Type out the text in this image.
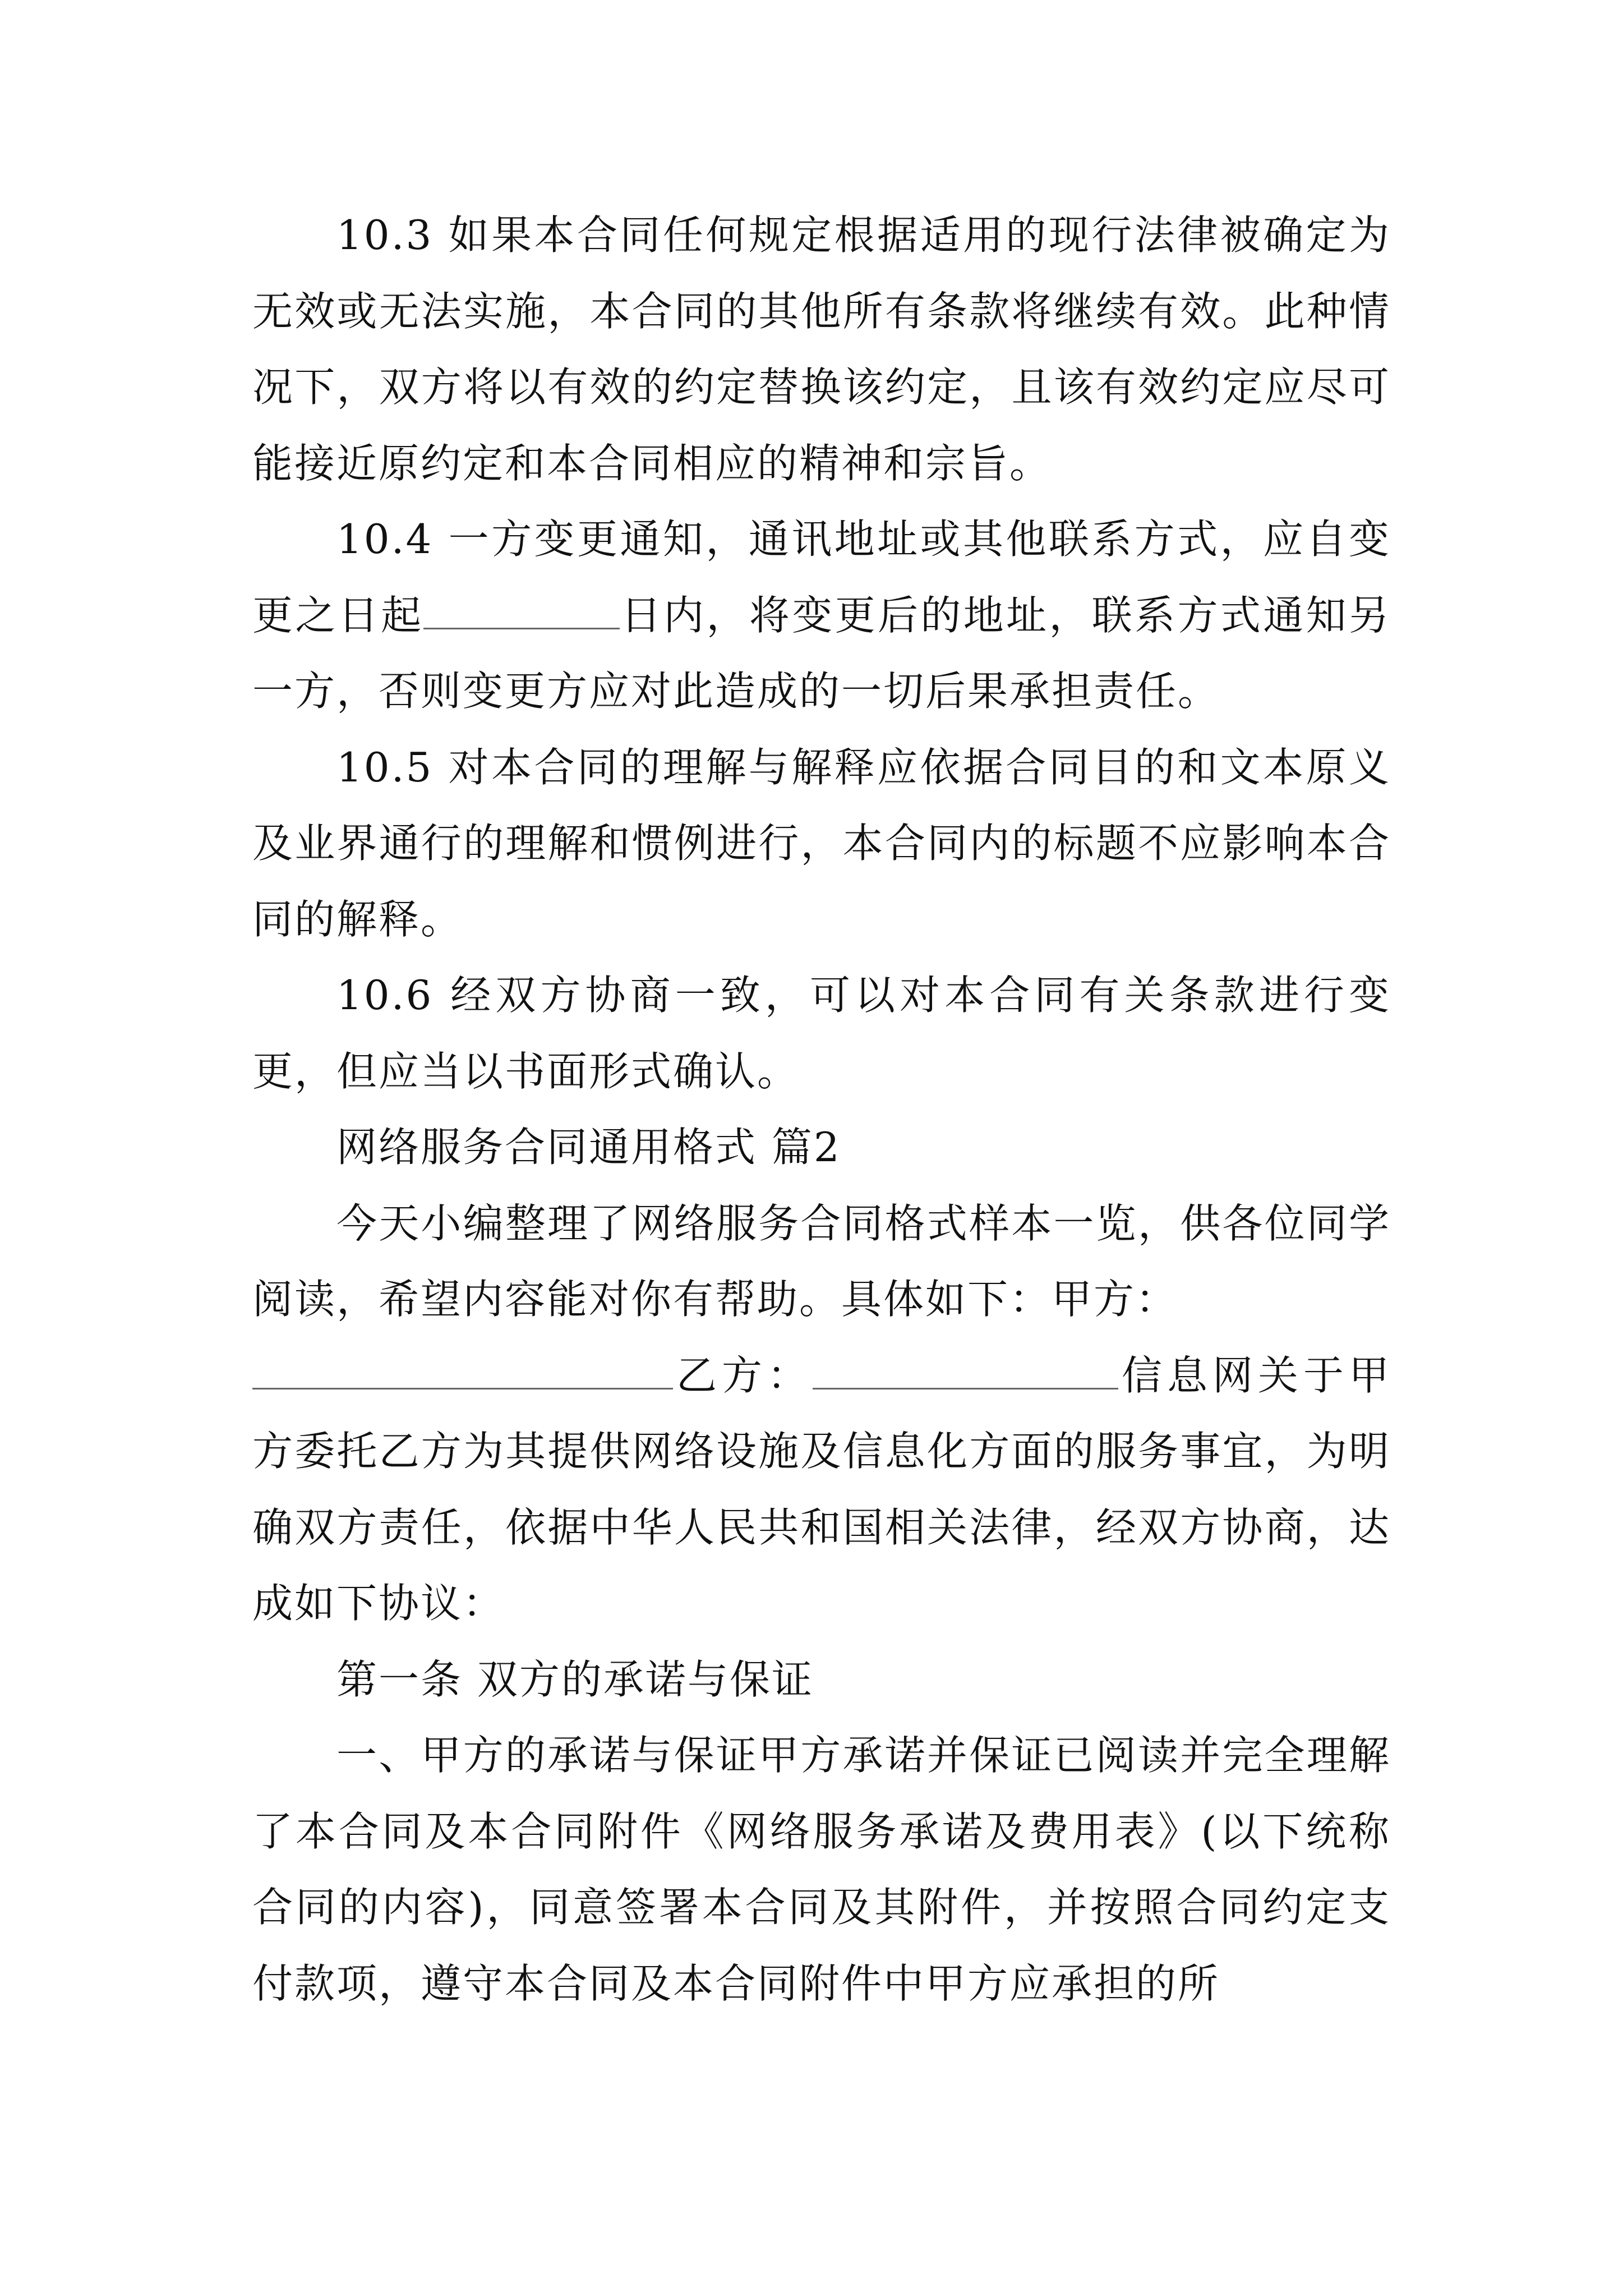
10.3 如果本合同任何规定根据适用的现行法律被确定为无效或无法实施，本合同的其他所有条款将继续有效。此种情况下，双方将以有效的约定替换该约定，且该有效约定应尽可能接近原约定和本合同相应的精神和宗旨。

10.4 一方变更通知，通讯地址或其他联系方式，应自变更之日起	日内，将变更后的地址，联系方式通知另一方，否则变更方应对此造成的一切后果承担责任。

10.5 对本合同的理解与解释应依据合同目的和文本原义及业界通行的理解和惯例进行，本合同内的标题不应影响本合同的解释。

10.6 经双方协商一致，可以对本合同有关条款进行变更，但应当以书面形式确认。

网络服务合同通用格式 篇2

今天小编整理了网络服务合同格式样本一览，供各位同学阅读，希望内容能对你有帮助。具体如下：甲方：
乙方：	信息网关于甲方委托乙方为其提供网络设施及信息化方面的服务事宜，为明确双方责任，依据中华人民共和国相关法律，经双方协商，达成如下协议：

第一条 双方的承诺与保证

一、甲方的承诺与保证甲方承诺并保证已阅读并完全理解了本合同及本合同附件《网络服务承诺及费用表》(以下统称合同的内容)，同意签署本合同及其附件，并按照合同约定支付款项，遵守本合同及本合同附件中甲方应承担的所
